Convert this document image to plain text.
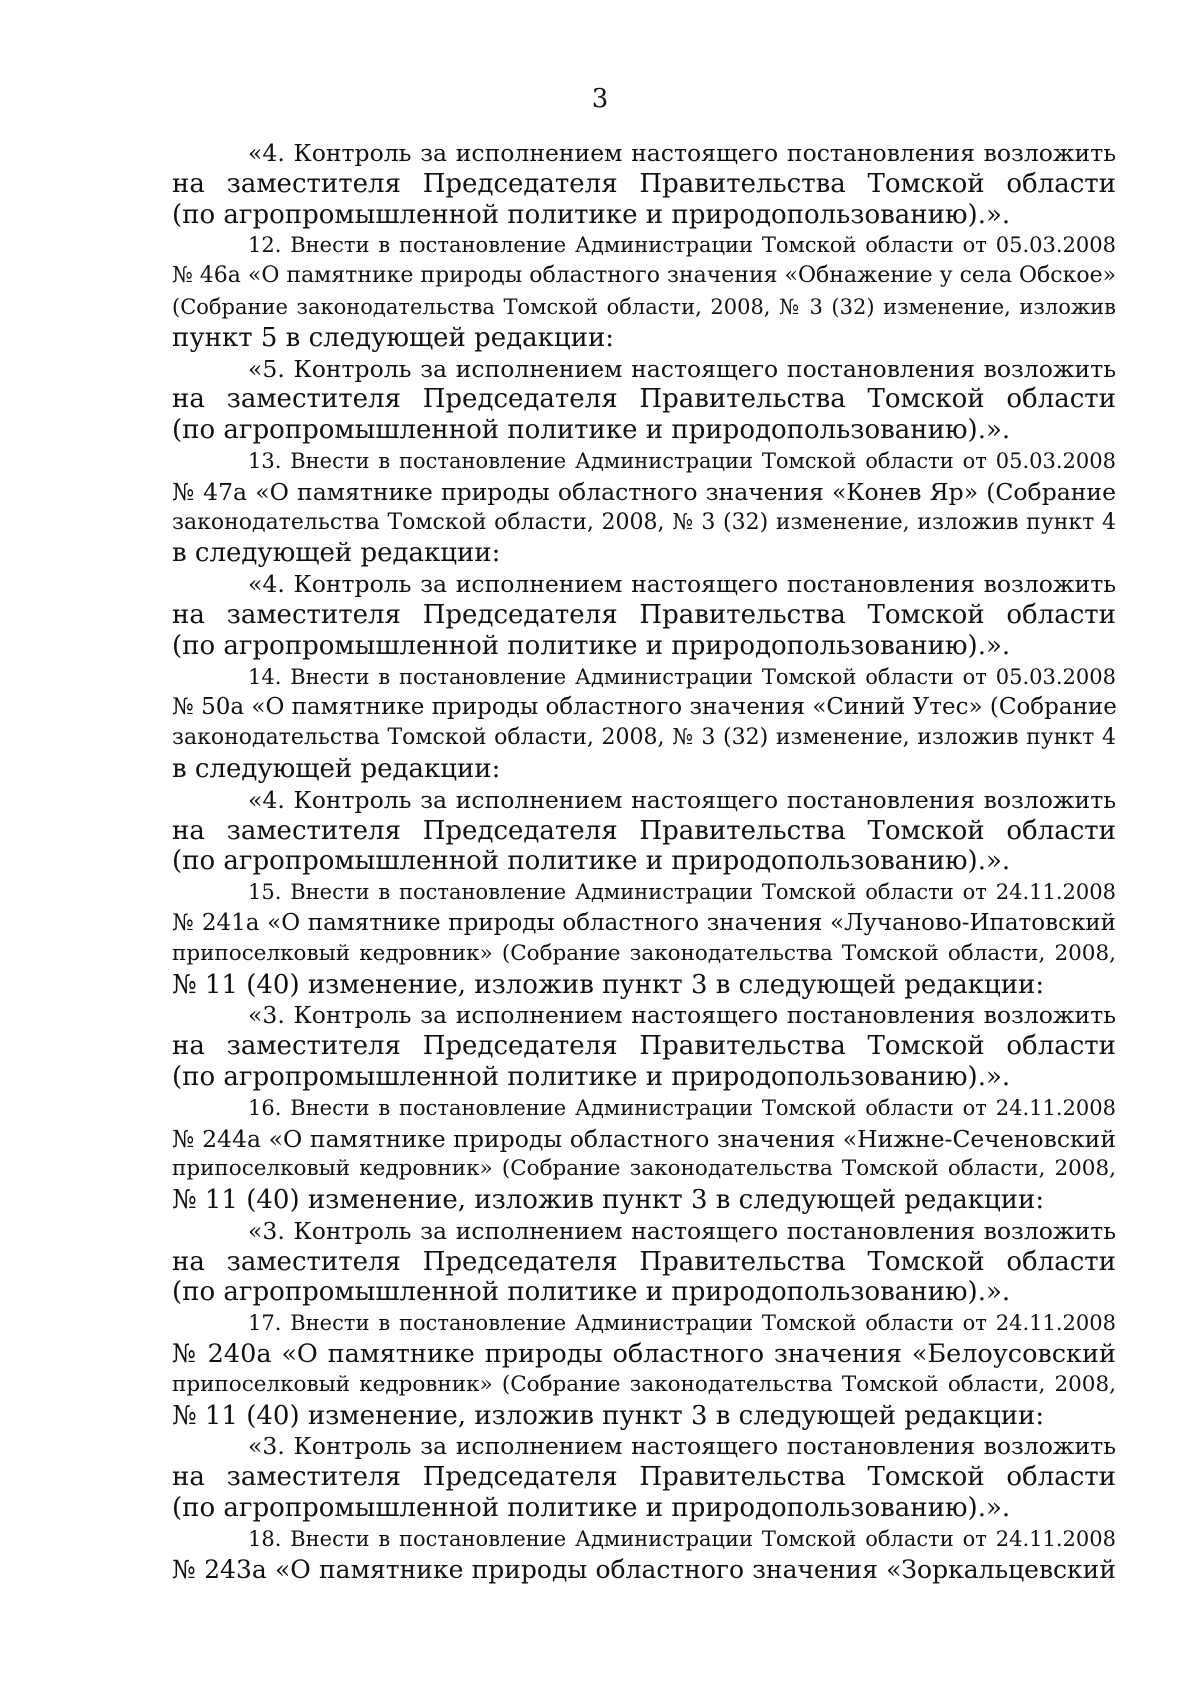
3
«4. Контроль за исполнением настоящего постановления возложить
на заместителя Председателя Правительства Томской области
(по агропромышленной политике и природопользованию).».
12. Внести в постановление Администрации Томской области от 05.03.2008
№ 46а «О памятнике природы областного значения «Обнажение у села Обское»
(Собрание законодательства Томской области, 2008, № 3 (32) изменение, изложив
пункт 5 в следующей редакции:
«5. Контроль за исполнением настоящего постановления возложить
на заместителя Председателя Правительства Томской области
(по агропромышленной политике и природопользованию).».
13. Внести в постановление Администрации Томской области от 05.03.2008
№ 47а «О памятнике природы областного значения «Конев Яр» (Собрание
законодательства Томской области, 2008, № 3 (32) изменение, изложив пункт 4
в следующей редакции:
«4. Контроль за исполнением настоящего постановления возложить
на заместителя Председателя Правительства Томской области
(по агропромышленной политике и природопользованию).».
14. Внести в постановление Администрации Томской области от 05.03.2008
№ 50а «О памятнике природы областного значения «Синий Утес» (Собрание
законодательства Томской области, 2008, № 3 (32) изменение, изложив пункт 4
в следующей редакции:
«4. Контроль за исполнением настоящего постановления возложить
на заместителя Председателя Правительства Томской области
(по агропромышленной политике и природопользованию).».
15. Внести в постановление Администрации Томской области от 24.11.2008
№ 241а «О памятнике природы областного значения «Лучаново-Ипатовский
припоселковый кедровник» (Собрание законодательства Томской области, 2008,
№ 11 (40) изменение, изложив пункт 3 в следующей редакции:
«3. Контроль за исполнением настоящего постановления возложить
на заместителя Председателя Правительства Томской области
(по агропромышленной политике и природопользованию).».
16. Внести в постановление Администрации Томской области от 24.11.2008
№ 244а «О памятнике природы областного значения «Нижне-Сеченовский
припоселковый кедровник» (Собрание законодательства Томской области, 2008,
№ 11 (40) изменение, изложив пункт 3 в следующей редакции:
«3. Контроль за исполнением настоящего постановления возложить
на заместителя Председателя Правительства Томской области
(по агропромышленной политике и природопользованию).».
17. Внести в постановление Администрации Томской области от 24.11.2008
№ 240а «О памятнике природы областного значения «Белоусовский
припоселковый кедровник» (Собрание законодательства Томской области, 2008,
№ 11 (40) изменение, изложив пункт 3 в следующей редакции:
«3. Контроль за исполнением настоящего постановления возложить
на заместителя Председателя Правительства Томской области
(по агропромышленной политике и природопользованию).».
18. Внести в постановление Администрации Томской области от 24.11.2008
№ 243а «О памятнике природы областного значения «Зоркальцевский
